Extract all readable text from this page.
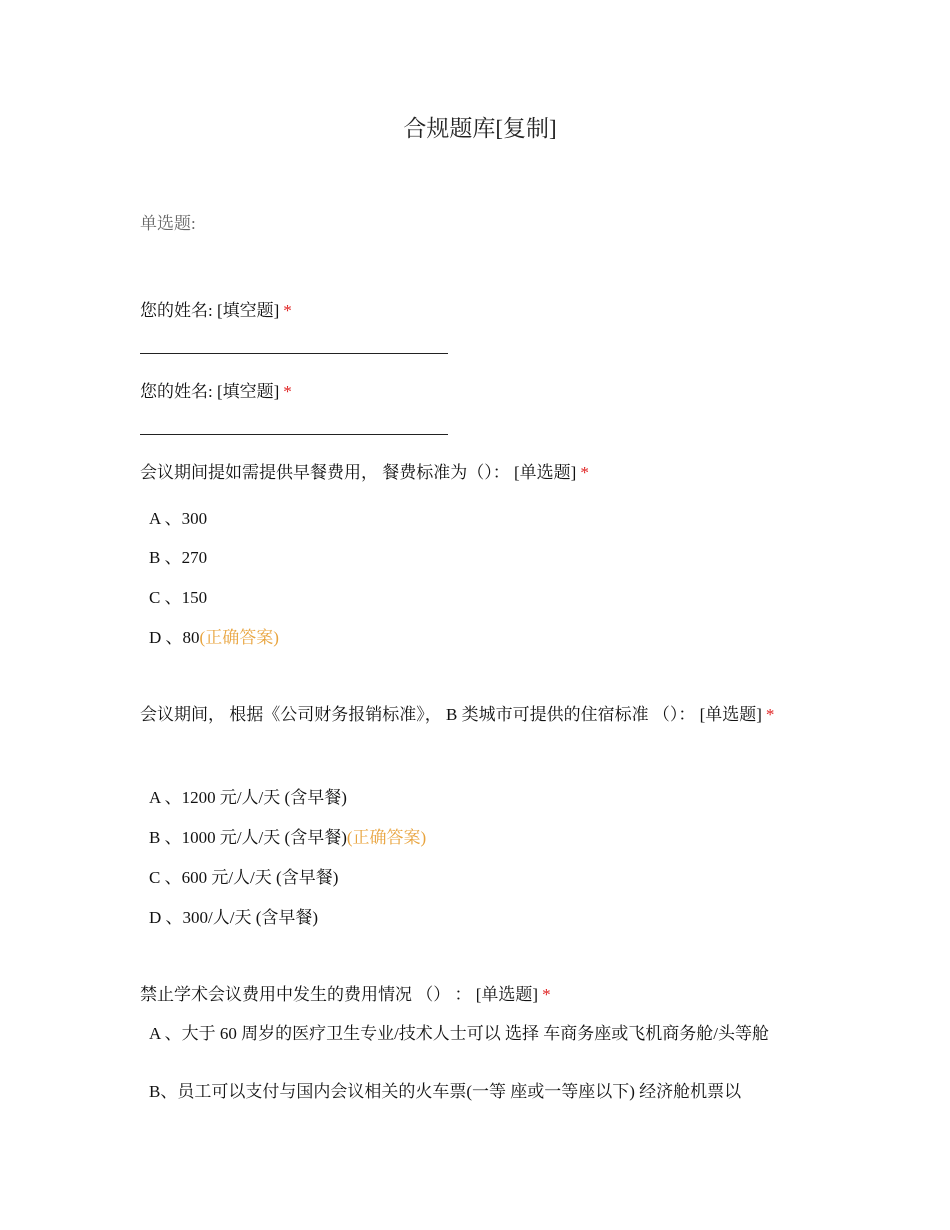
合规题库[复制]
单选题:
您的姓名: [填空题] *
您的姓名: [填空题] *
会议期间提如需提供早餐费用， 餐费标准为（）： [单选题] *
A 、300
B 、270
C 、150
D 、80(正确答案)
会议期间， 根据《公司财务报销标准》， B 类城市可提供的住宿标准 （）： [单选题] *
A 、1200 元/人/天 (含早餐)
B 、1000 元/人/天 (含早餐)(正确答案)
C 、600 元/人/天 (含早餐)
D 、300/人/天 (含早餐)
禁止学术会议费用中发生的费用情况 （） ： [单选题] *
A 、大于 60 周岁的医疗卫生专业/技术人士可以 选择 车商务座或飞机商务舱/头等舱
B、员工可以支付与国内会议相关的火车票(一等 座或一等座以下) 经济舱机票以
